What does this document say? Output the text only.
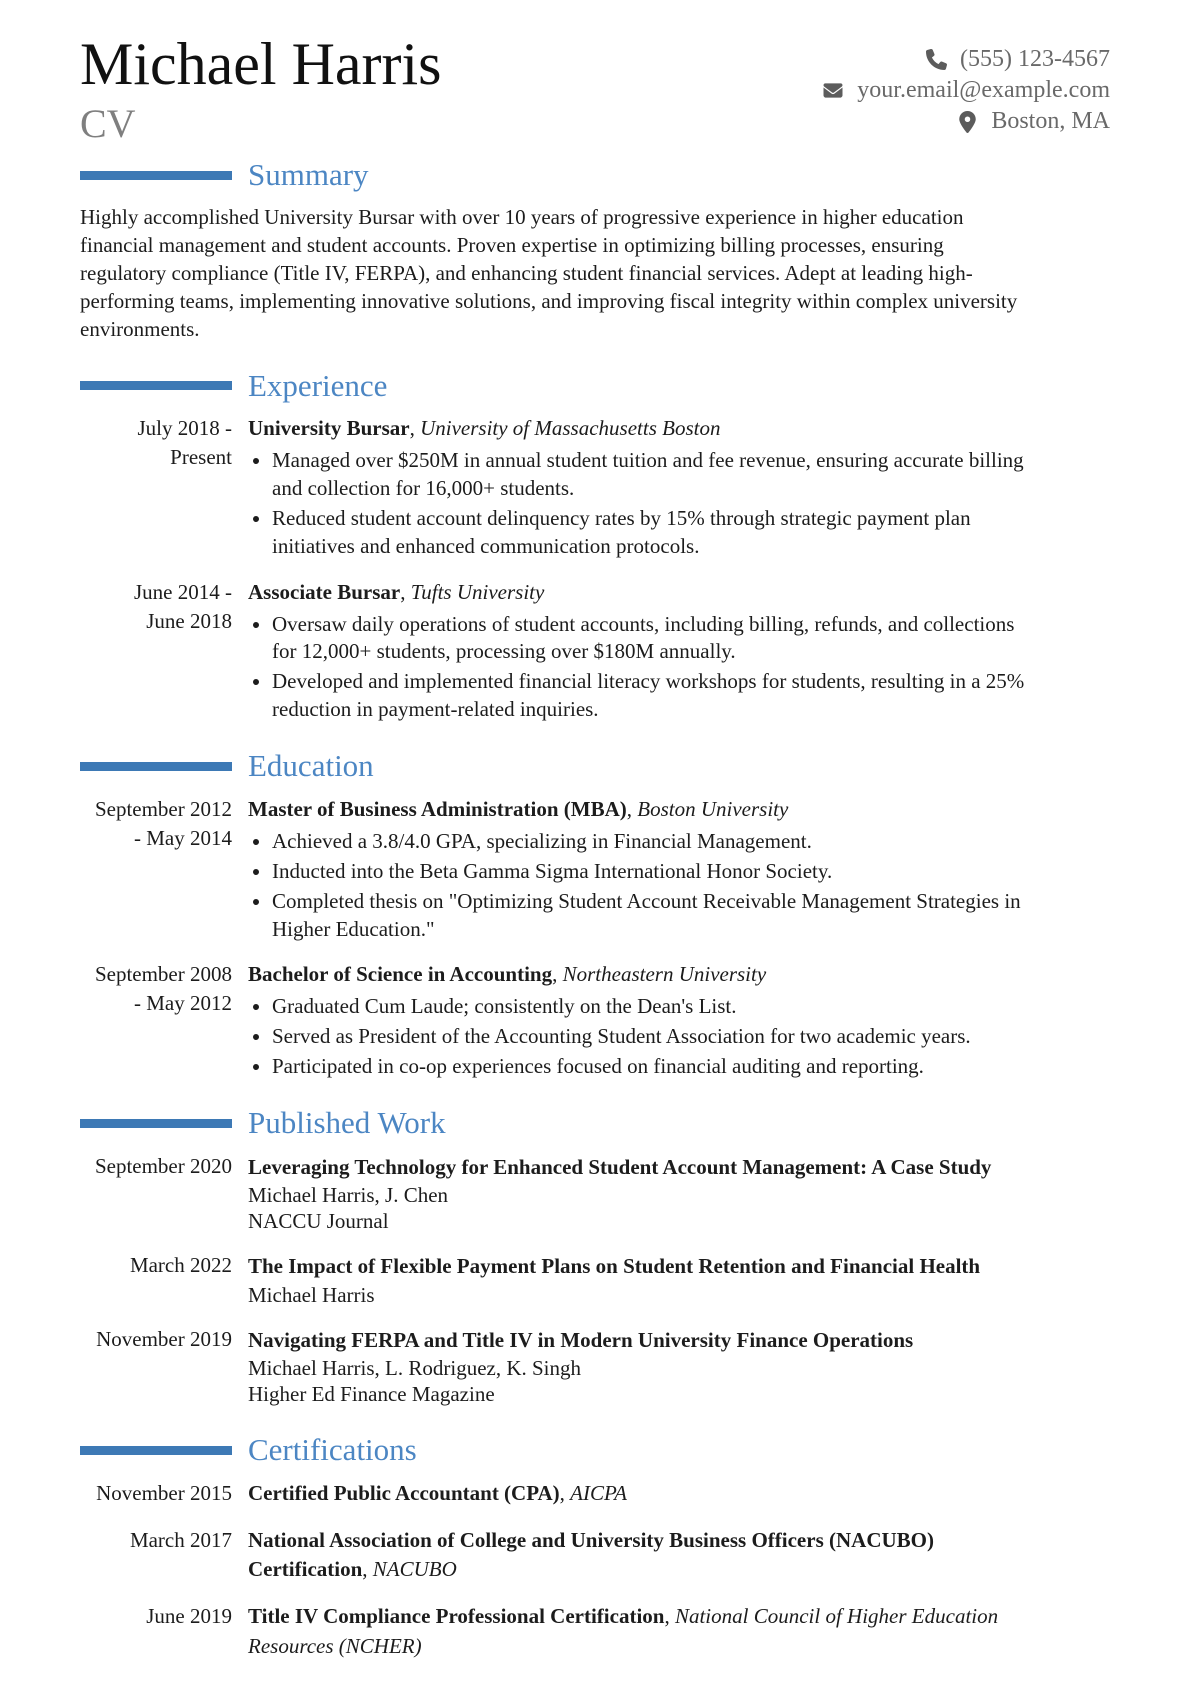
Michael Harris
CV
(555) 123-4567
your.email@example.com
Boston, MA
Summary

Highly accomplished University Bursar with over 10 years of progressive experience in higher education financial management and student accounts. Proven expertise in optimizing billing processes, ensuring regulatory compliance (Title IV, FERPA), and enhancing student financial services. Adept at leading high-performing teams, implementing innovative solutions, and improving fiscal integrity within complex university environments.

Experience
July 2018 - Present

University Bursar, University of Massachusetts Boston

• Managed over $250M in annual student tuition and fee revenue, ensuring accurate billing and collection for 16,000+ students.
• Reduced student account delinquency rates by 15% through strategic payment plan initiatives and enhanced communication protocols.
June 2014 - June 2018

Associate Bursar, Tufts University

• Oversaw daily operations of student accounts, including billing, refunds, and collections for 12,000+ students, processing over $180M annually.
• Developed and implemented financial literacy workshops for students, resulting in a 25% reduction in payment-related inquiries.
Education
September 2012 - May 2014

Master of Business Administration (MBA), Boston University

• Achieved a 3.8/4.0 GPA, specializing in Financial Management.
• Inducted into the Beta Gamma Sigma International Honor Society.
• Completed thesis on "Optimizing Student Account Receivable Management Strategies in Higher Education."
September 2008 - May 2012

Bachelor of Science in Accounting, Northeastern University

• Graduated Cum Laude; consistently on the Dean's List.
• Served as President of the Accounting Student Association for two academic years.
• Participated in co-op experiences focused on financial auditing and reporting.
Published Work
September 2020 Leveraging Technology for Enhanced Student Account Management: A Case Study

Michael Harris, J. Chen
NACCU Journal
March 2022 The Impact of Flexible Payment Plans on Student Retention and Financial Health

Michael Harris
November 2019 Navigating FERPA and Title IV in Modern University Finance Operations

Michael Harris, L. Rodriguez, K. Singh
Higher Ed Finance Magazine
Certifications
November 2015 Certified Public Accountant (CPA), AICPA

March 2017 National Association of College and University Business Officers (NACUBO) Certification, NACUBO

June 2019 Title IV Compliance Professional Certification, National Council of Higher Education Resources (NCHER)
